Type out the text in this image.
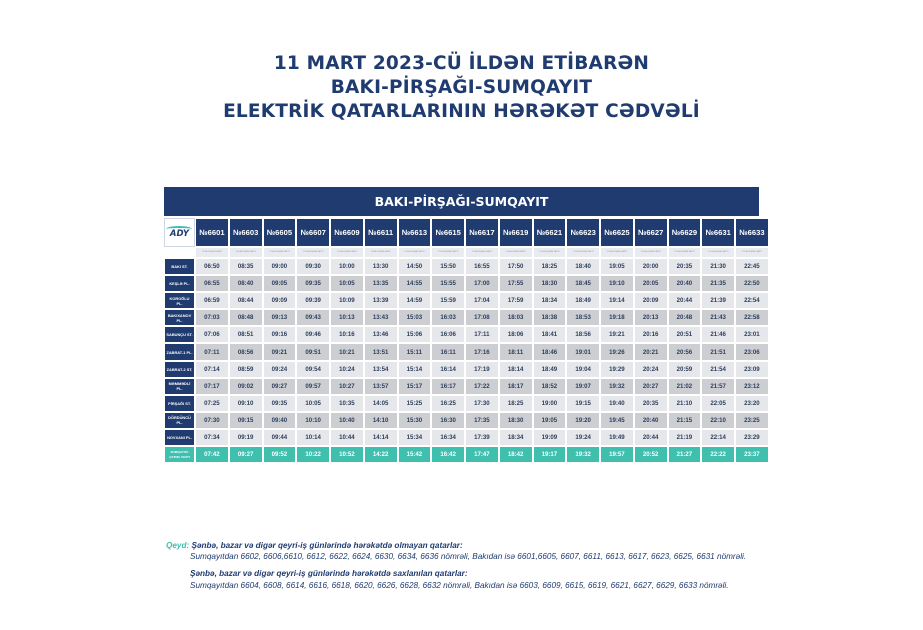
11 MART 2023-CÜ İLDƏN ETİBARƏN
BAKI-PİRŞAĞI-SUMQAYIT
ELEKTRİK QATARLARININ HƏRƏKƏT CƏDVƏLİ
BAKI-PİRŞAĞI-SUMQAYIT
ADY	№6601	№6603	№6605	№6607	№6609	№6611	№6613	№6615	№6617	№6619	№6621	№6623	№6625	№6627	№6629	№6631	№6633

	YOLA DÜŞMƏ VAXTI	YOLA DÜŞMƏ VAXTI	YOLA DÜŞMƏ VAXTI	YOLA DÜŞMƏ VAXTI	YOLA DÜŞMƏ VAXTI	YOLA DÜŞMƏ VAXTI	YOLA DÜŞMƏ VAXTI	YOLA DÜŞMƏ VAXTI	YOLA DÜŞMƏ VAXTI	YOLA DÜŞMƏ VAXTI	YOLA DÜŞMƏ VAXTI	YOLA DÜŞMƏ VAXTI	YOLA DÜŞMƏ VAXTI	YOLA DÜŞMƏ VAXTI	YOLA DÜŞMƏ VAXTI	YOLA DÜŞMƏ VAXTI	YOLA DÜŞMƏ VAXTI

BAKI ST.	06:50	08:35	09:00	09:30	10:00	13:30	14:50	15:50	16:55	17:50	18:25	18:40	19:05	20:00	20:35	21:30	22:45
KEŞLƏ PL.	06:55	08:40	09:05	09:35	10:05	13:35	14:55	15:55	17:00	17:55	18:30	18:45	19:10	20:05	20:40	21:35	22:50
KOROĞLU PL.	06:59	08:44	09:09	09:39	10:09	13:39	14:59	15:59	17:04	17:59	18:34	18:49	19:14	20:09	20:44	21:39	22:54
BAKIXANOV PL.	07:03	08:48	09:13	09:43	10:13	13:43	15:03	16:03	17:08	18:03	18:38	18:53	19:18	20:13	20:48	21:43	22:58
SABUNÇU ST.	07:06	08:51	09:16	09:46	10:16	13:46	15:06	16:06	17:11	18:06	18:41	18:56	19:21	20:16	20:51	21:46	23:01
ZABRAT-1 PL.	07:11	08:56	09:21	09:51	10:21	13:51	15:11	16:11	17:16	18:11	18:46	19:01	19:26	20:21	20:56	21:51	23:06
ZABRAT-2 ST.	07:14	08:59	09:24	09:54	10:24	13:54	15:14	16:14	17:19	18:14	18:49	19:04	19:29	20:24	20:59	21:54	23:09
MƏMMƏDLİ PL.	07:17	09:02	09:27	09:57	10:27	13:57	15:17	16:17	17:22	18:17	18:52	19:07	19:32	20:27	21:02	21:57	23:12
PİRŞAĞI ST.	07:25	09:10	09:35	10:05	10:35	14:05	15:25	16:25	17:30	18:25	19:00	19:15	19:40	20:35	21:10	22:05	23:20
DÖRDÜNCÜ PL.	07:30	09:15	09:40	10:10	10:40	14:10	15:30	16:30	17:35	18:30	19:05	19:20	19:45	20:40	21:15	22:10	23:25
NOVXANI PL.	07:34	09:19	09:44	10:14	10:44	14:14	15:34	16:34	17:39	18:34	19:09	19:24	19:49	20:44	21:19	22:14	23:29
SUMQAYITA ÇATMA VAXTI	07:42	09:27	09:52	10:22	10:52	14:22	15:42	16:42	17:47	18:42	19:17	19:32	19:57	20:52	21:27	22:22	23:37
Qeyd: Şənbə, bazar və digər qeyri-iş günlərində hərəkətdə olmayan qatarlar:
Sumqayıtdan 6602, 6606,6610, 6612, 6622, 6624, 6630, 6634, 6636 nömrəli, Bakıdan isə 6601,6605, 6607, 6611, 6613, 6617, 6623, 6625, 6631 nömrəli.
Şənbə, bazar və digər qeyri-iş günlərində hərəkətdə saxlanılan qatarlar:
Sumqayıtdan 6604, 6608, 6614, 6616, 6618, 6620, 6626, 6628, 6632 nömrəli, Bakıdan isə 6603, 6609, 6615, 6619, 6621, 6627, 6629, 6633 nömrəli.
